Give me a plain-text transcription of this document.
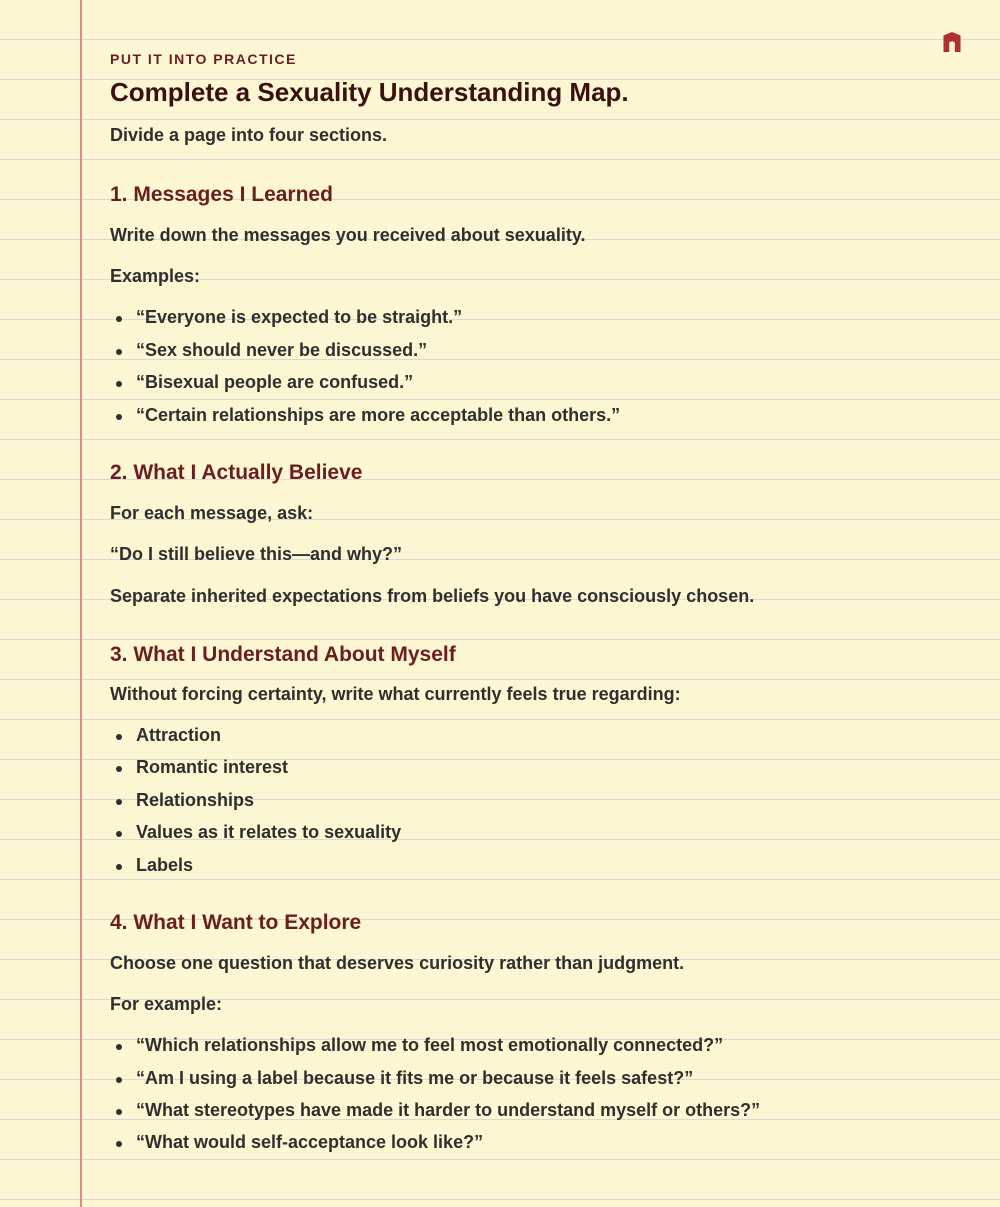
PUT IT INTO PRACTICE
Complete a Sexuality Understanding Map.
Divide a page into four sections.
1. Messages I Learned
Write down the messages you received about sexuality.
Examples:
“Everyone is expected to be straight.”
“Sex should never be discussed.”
“Bisexual people are confused.”
“Certain relationships are more acceptable than others.”
2. What I Actually Believe
For each message, ask:
“Do I still believe this—and why?”
Separate inherited expectations from beliefs you have consciously chosen.
3. What I Understand About Myself
Without forcing certainty, write what currently feels true regarding:
Attraction
Romantic interest
Relationships
Values as it relates to sexuality
Labels
4. What I Want to Explore
Choose one question that deserves curiosity rather than judgment.
For example:
“Which relationships allow me to feel most emotionally connected?”
“Am I using a label because it fits me or because it feels safest?”
“What stereotypes have made it harder to understand myself or others?”
“What would self-acceptance look like?”
